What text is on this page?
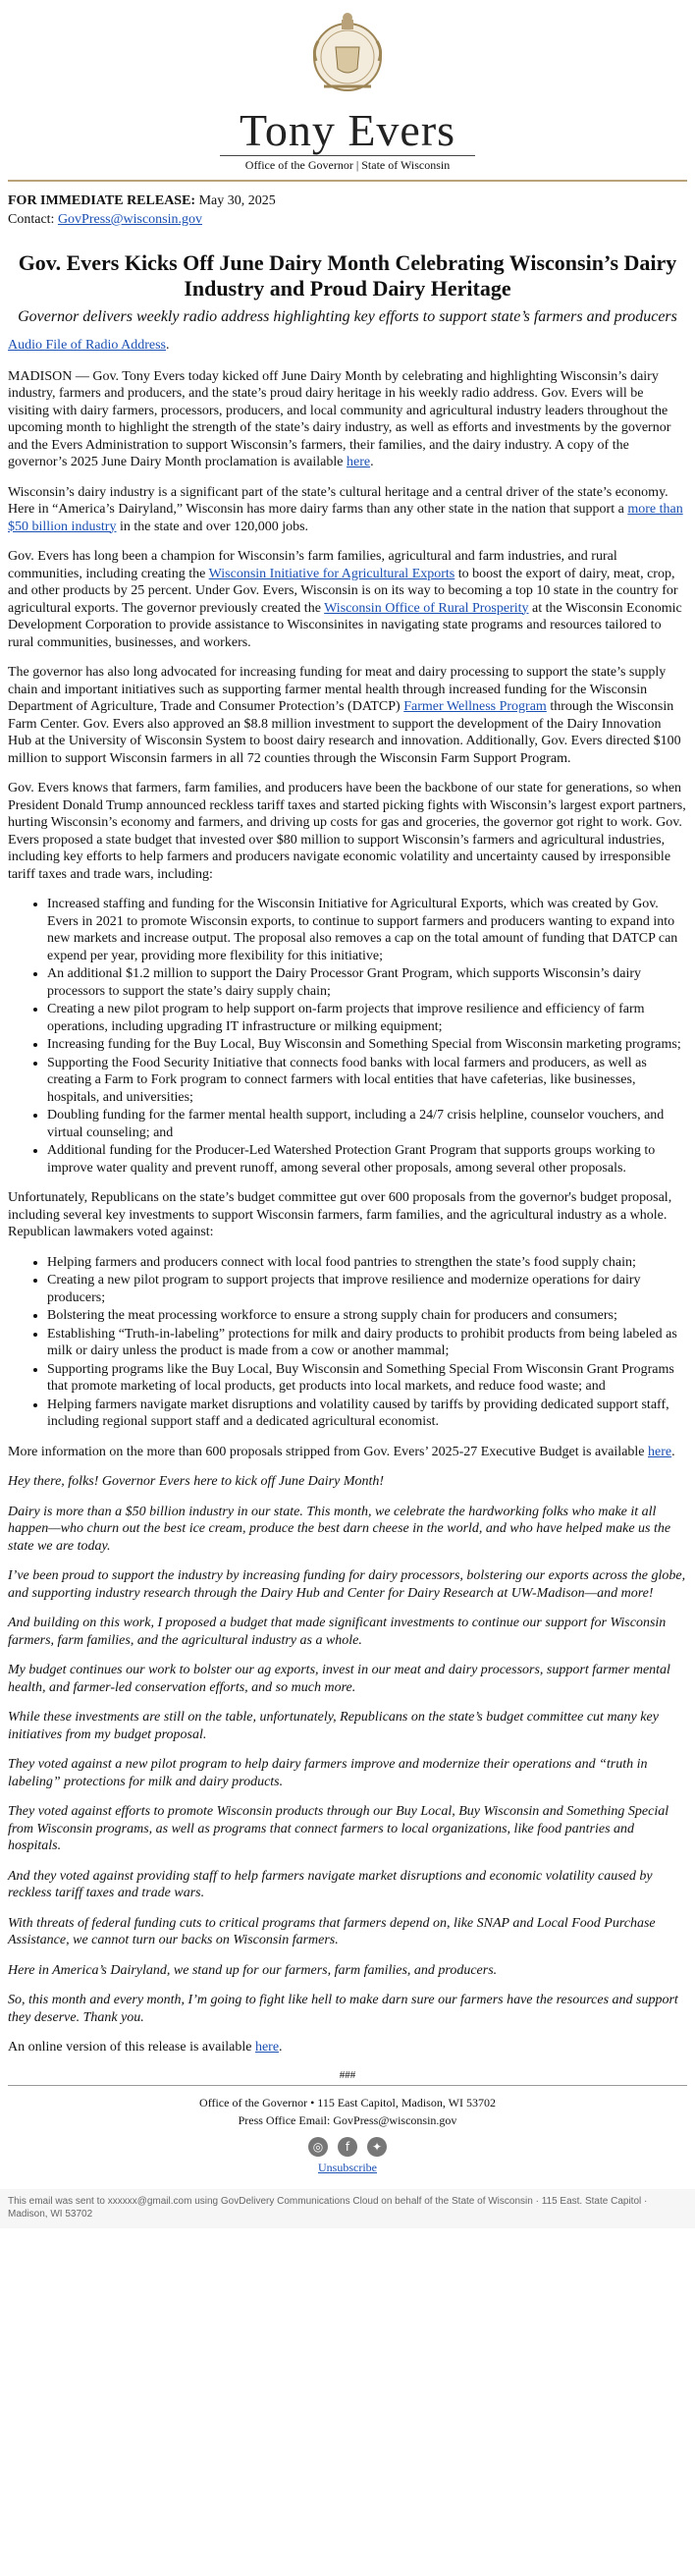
Tony Evers
Office of the Governor | State of Wisconsin
FOR IMMEDIATE RELEASE: May 30, 2025
Contact: GovPress@wisconsin.gov
Gov. Evers Kicks Off June Dairy Month Celebrating Wisconsin’s Dairy Industry and Proud Dairy Heritage
Governor delivers weekly radio address highlighting key efforts to support state’s farmers and producers

Audio File of Radio Address.

MADISON — Gov. Tony Evers today kicked off June Dairy Month by celebrating and highlighting Wisconsin’s dairy industry, farmers and producers, and the state’s proud dairy heritage in his weekly radio address. Gov. Evers will be visiting with dairy farmers, processors, producers, and local community and agricultural industry leaders throughout the upcoming month to highlight the strength of the state’s dairy industry, as well as efforts and investments by the governor and the Evers Administration to support Wisconsin’s farmers, their families, and the dairy industry. A copy of the governor’s 2025 June Dairy Month proclamation is available here.

Wisconsin’s dairy industry is a significant part of the state’s cultural heritage and a central driver of the state’s economy. Here in “America’s Dairyland,” Wisconsin has more dairy farms than any other state in the nation that support a more than $50 billion industry in the state and over 120,000 jobs.

Gov. Evers has long been a champion for Wisconsin’s farm families, agricultural and farm industries, and rural communities, including creating the Wisconsin Initiative for Agricultural Exports to boost the export of dairy, meat, crop, and other products by 25 percent. Under Gov. Evers, Wisconsin is on its way to becoming a top 10 state in the country for agricultural exports. The governor previously created the Wisconsin Office of Rural Prosperity at the Wisconsin Economic Development Corporation to provide assistance to Wisconsinites in navigating state programs and resources tailored to rural communities, businesses, and workers.

The governor has also long advocated for increasing funding for meat and dairy processing to support the state’s supply chain and important initiatives such as supporting farmer mental health through increased funding for the Wisconsin Department of Agriculture, Trade and Consumer Protection’s (DATCP) Farmer Wellness Program through the Wisconsin Farm Center. Gov. Evers also approved an $8.8 million investment to support the development of the Dairy Innovation Hub at the University of Wisconsin System to boost dairy research and innovation. Additionally, Gov. Evers directed $100 million to support Wisconsin farmers in all 72 counties through the Wisconsin Farm Support Program.

Gov. Evers knows that farmers, farm families, and producers have been the backbone of our state for generations, so when President Donald Trump announced reckless tariff taxes and started picking fights with Wisconsin’s largest export partners, hurting Wisconsin’s economy and farmers, and driving up costs for gas and groceries, the governor got right to work. Gov. Evers proposed a state budget that invested over $80 million to support Wisconsin’s farmers and agricultural industries, including key efforts to help farmers and producers navigate economic volatility and uncertainty caused by irresponsible tariff taxes and trade wars, including:

• Increased staffing and funding for the Wisconsin Initiative for Agricultural Exports, which was created by Gov. Evers in 2021 to promote Wisconsin exports, to continue to support farmers and producers wanting to expand into new markets and increase output. The proposal also removes a cap on the total amount of funding that DATCP can expend per year, providing more flexibility for this initiative;
• An additional $1.2 million to support the Dairy Processor Grant Program, which supports Wisconsin’s dairy processors to support the state’s dairy supply chain;
• Creating a new pilot program to help support on-farm projects that improve resilience and efficiency of farm operations, including upgrading IT infrastructure or milking equipment;
• Increasing funding for the Buy Local, Buy Wisconsin and Something Special from Wisconsin marketing programs;
• Supporting the Food Security Initiative that connects food banks with local farmers and producers, as well as creating a Farm to Fork program to connect farmers with local entities that have cafeterias, like businesses, hospitals, and universities;
• Doubling funding for the farmer mental health support, including a 24/7 crisis helpline, counselor vouchers, and virtual counseling; and
• Additional funding for the Producer-Led Watershed Protection Grant Program that supports groups working to improve water quality and prevent runoff, among several other proposals, among several other proposals.

Unfortunately, Republicans on the state’s budget committee gut over 600 proposals from the governor's budget proposal, including several key investments to support Wisconsin farmers, farm families, and the agricultural industry as a whole. Republican lawmakers voted against:

• Helping farmers and producers connect with local food pantries to strengthen the state’s food supply chain;
• Creating a new pilot program to support projects that improve resilience and modernize operations for dairy producers;
• Bolstering the meat processing workforce to ensure a strong supply chain for producers and consumers;
• Establishing “Truth-in-labeling” protections for milk and dairy products to prohibit products from being labeled as milk or dairy unless the product is made from a cow or another mammal;
• Supporting programs like the Buy Local, Buy Wisconsin and Something Special From Wisconsin Grant Programs that promote marketing of local products, get products into local markets, and reduce food waste; and
• Helping farmers navigate market disruptions and volatility caused by tariffs by providing dedicated support staff, including regional support staff and a dedicated agricultural economist.

More information on the more than 600 proposals stripped from Gov. Evers’ 2025-27 Executive Budget is available here.

Hey there, folks! Governor Evers here to kick off June Dairy Month!

Dairy is more than a $50 billion industry in our state. This month, we celebrate the hardworking folks who make it all happen—who churn out the best ice cream, produce the best darn cheese in the world, and who have helped make us the state we are today.

I’ve been proud to support the industry by increasing funding for dairy processors, bolstering our exports across the globe, and supporting industry research through the Dairy Hub and Center for Dairy Research at UW-Madison—and more!

And building on this work, I proposed a budget that made significant investments to continue our support for Wisconsin farmers, farm families, and the agricultural industry as a whole.

My budget continues our work to bolster our ag exports, invest in our meat and dairy processors, support farmer mental health, and farmer-led conservation efforts, and so much more.

While these investments are still on the table, unfortunately, Republicans on the state’s budget committee cut many key initiatives from my budget proposal.

They voted against a new pilot program to help dairy farmers improve and modernize their operations and “truth in labeling” protections for milk and dairy products.

They voted against efforts to promote Wisconsin products through our Buy Local, Buy Wisconsin and Something Special from Wisconsin programs, as well as programs that connect farmers to local organizations, like food pantries and hospitals.

And they voted against providing staff to help farmers navigate market disruptions and economic volatility caused by reckless tariff taxes and trade wars.

With threats of federal funding cuts to critical programs that farmers depend on, like SNAP and Local Food Purchase Assistance, we cannot turn our backs on Wisconsin farmers.

Here in America’s Dairyland, we stand up for our farmers, farm families, and producers.

So, this month and every month, I’m going to fight like hell to make darn sure our farmers have the resources and support they deserve. Thank you.

An online version of this release is available here.

###
Office of the Governor • 115 East Capitol, Madison, WI 53702
Press Office Email: GovPress@wisconsin.gov
◎ f ✦
Unsubscribe
This email was sent to xxxxxx@gmail.com using GovDelivery Communications Cloud on behalf of the State of Wisconsin · 115 East. State Capitol · Madison, WI 53702
